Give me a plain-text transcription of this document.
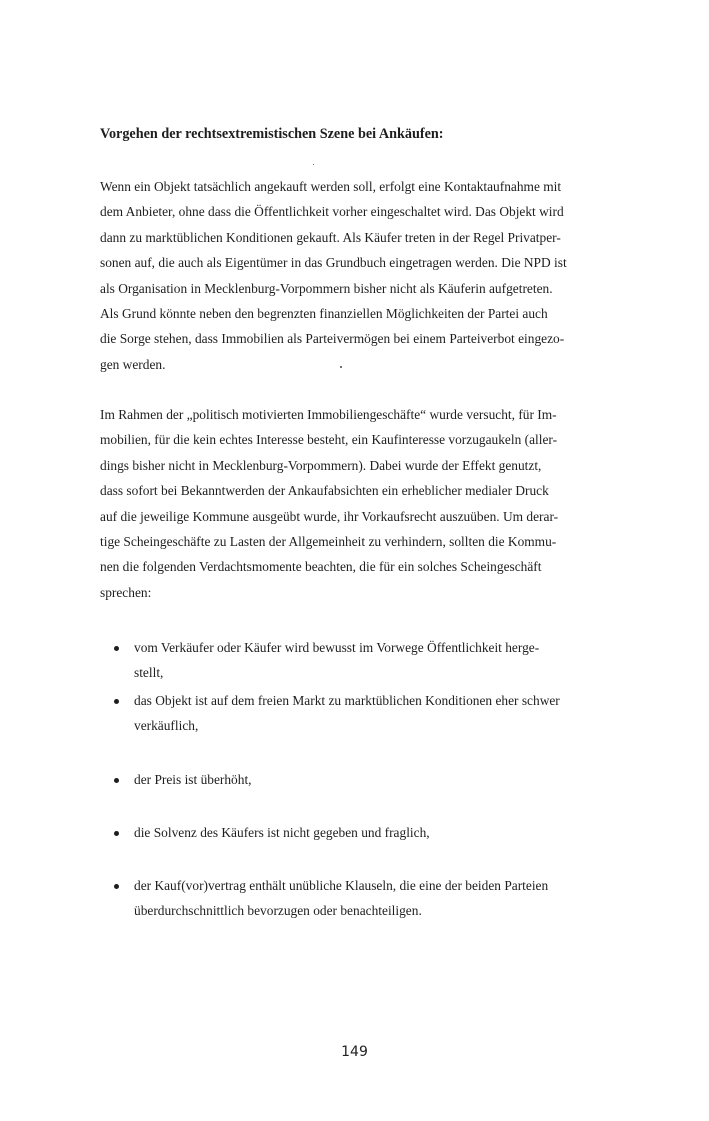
Vorgehen der rechtsextremistischen Szene bei Ankäufen:
Wenn ein Objekt tatsächlich angekauft werden soll, erfolgt eine Kontaktaufnahme mit
dem Anbieter, ohne dass die Öffentlichkeit vorher eingeschaltet wird. Das Objekt wird
dann zu marktüblichen Konditionen gekauft. Als Käufer treten in der Regel Privatper-
sonen auf, die auch als Eigentümer in das Grundbuch eingetragen werden. Die NPD ist
als Organisation in Mecklenburg-Vorpommern bisher nicht als Käuferin aufgetreten.
Als Grund könnte neben den begrenzten finanziellen Möglichkeiten der Partei auch
die Sorge stehen, dass Immobilien als Parteivermögen bei einem Parteiverbot eingezo-
gen werden.
Im Rahmen der „politisch motivierten Immobiliengeschäfte“ wurde versucht, für Im-
mobilien, für die kein echtes Interesse besteht, ein Kaufinteresse vorzugaukeln (aller-
dings bisher nicht in Mecklenburg-Vorpommern). Dabei wurde der Effekt genutzt,
dass sofort bei Bekanntwerden der Ankaufabsichten ein erheblicher medialer Druck
auf die jeweilige Kommune ausgeübt wurde, ihr Vorkaufsrecht auszuüben. Um derar-
tige Scheingeschäfte zu Lasten der Allgemeinheit zu verhindern, sollten die Kommu-
nen die folgenden Verdachtsmomente beachten, die für ein solches Scheingeschäft
sprechen:
vom Verkäufer oder Käufer wird bewusst im Vorwege Öffentlichkeit herge-
stellt,
das Objekt ist auf dem freien Markt zu marktüblichen Konditionen eher schwer
verkäuflich,
der Preis ist überhöht,
die Solvenz des Käufers ist nicht gegeben und fraglich,
der Kauf(vor)vertrag enthält unübliche Klauseln, die eine der beiden Parteien
überdurchschnittlich bevorzugen oder benachteiligen.
149
